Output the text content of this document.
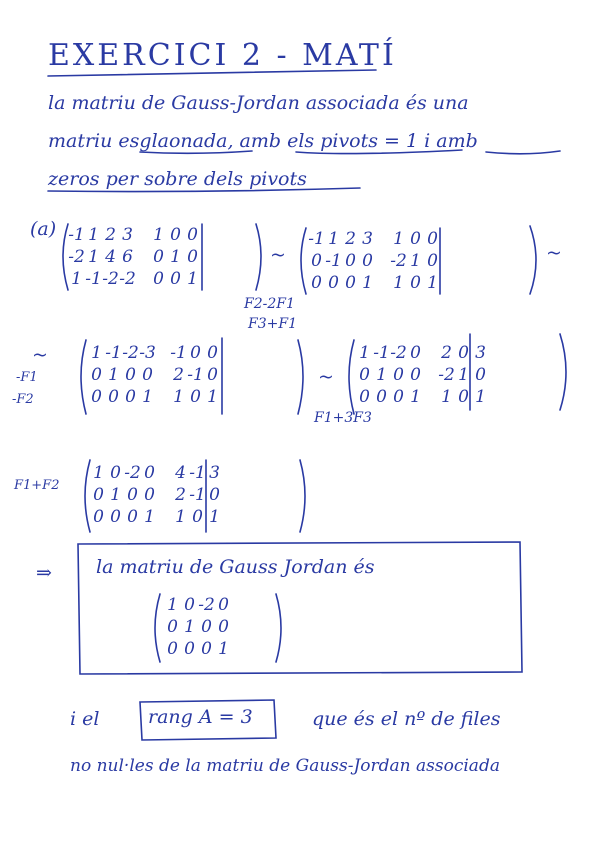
EXERCICI 2 - MATÍ
la matriu de Gauss-Jordan associada és una
matriu esglaonada, amb els pivots = 1 i amb
zeros per sobre dels pivots
(a) -1 1 2 3 1 0 0
-2 1 4 6 0 1 0
1 -1 -2 -2 0 0 1
~
-1 1 2 3 1 0 0
0 -1 0 0 -2 1 0
0 0 0 1 1 0 1
~
F2-2F1
F3+F1
~
-F1
-F2
1 -1 -2 -3 -1 0 0
0 1 0 0 2 -1 0
0 0 0 1 1 0 1
~
1 -1 -2 0 2 0 3
0 1 0 0 -2 1 0
0 0 0 1 1 0 1
F1+3F3
F1+F2
1 0 -2 0 4 -1 3
0 1 0 0 2 -1 0
0 0 0 1 1 0 1
⇒ la matriu de Gauss Jordan és
1 0 -2 0
0 1 0 0
0 0 0 1
i el	rang A = 3	que és el nº de files
no nul·les de la matriu de Gauss-Jordan associada
